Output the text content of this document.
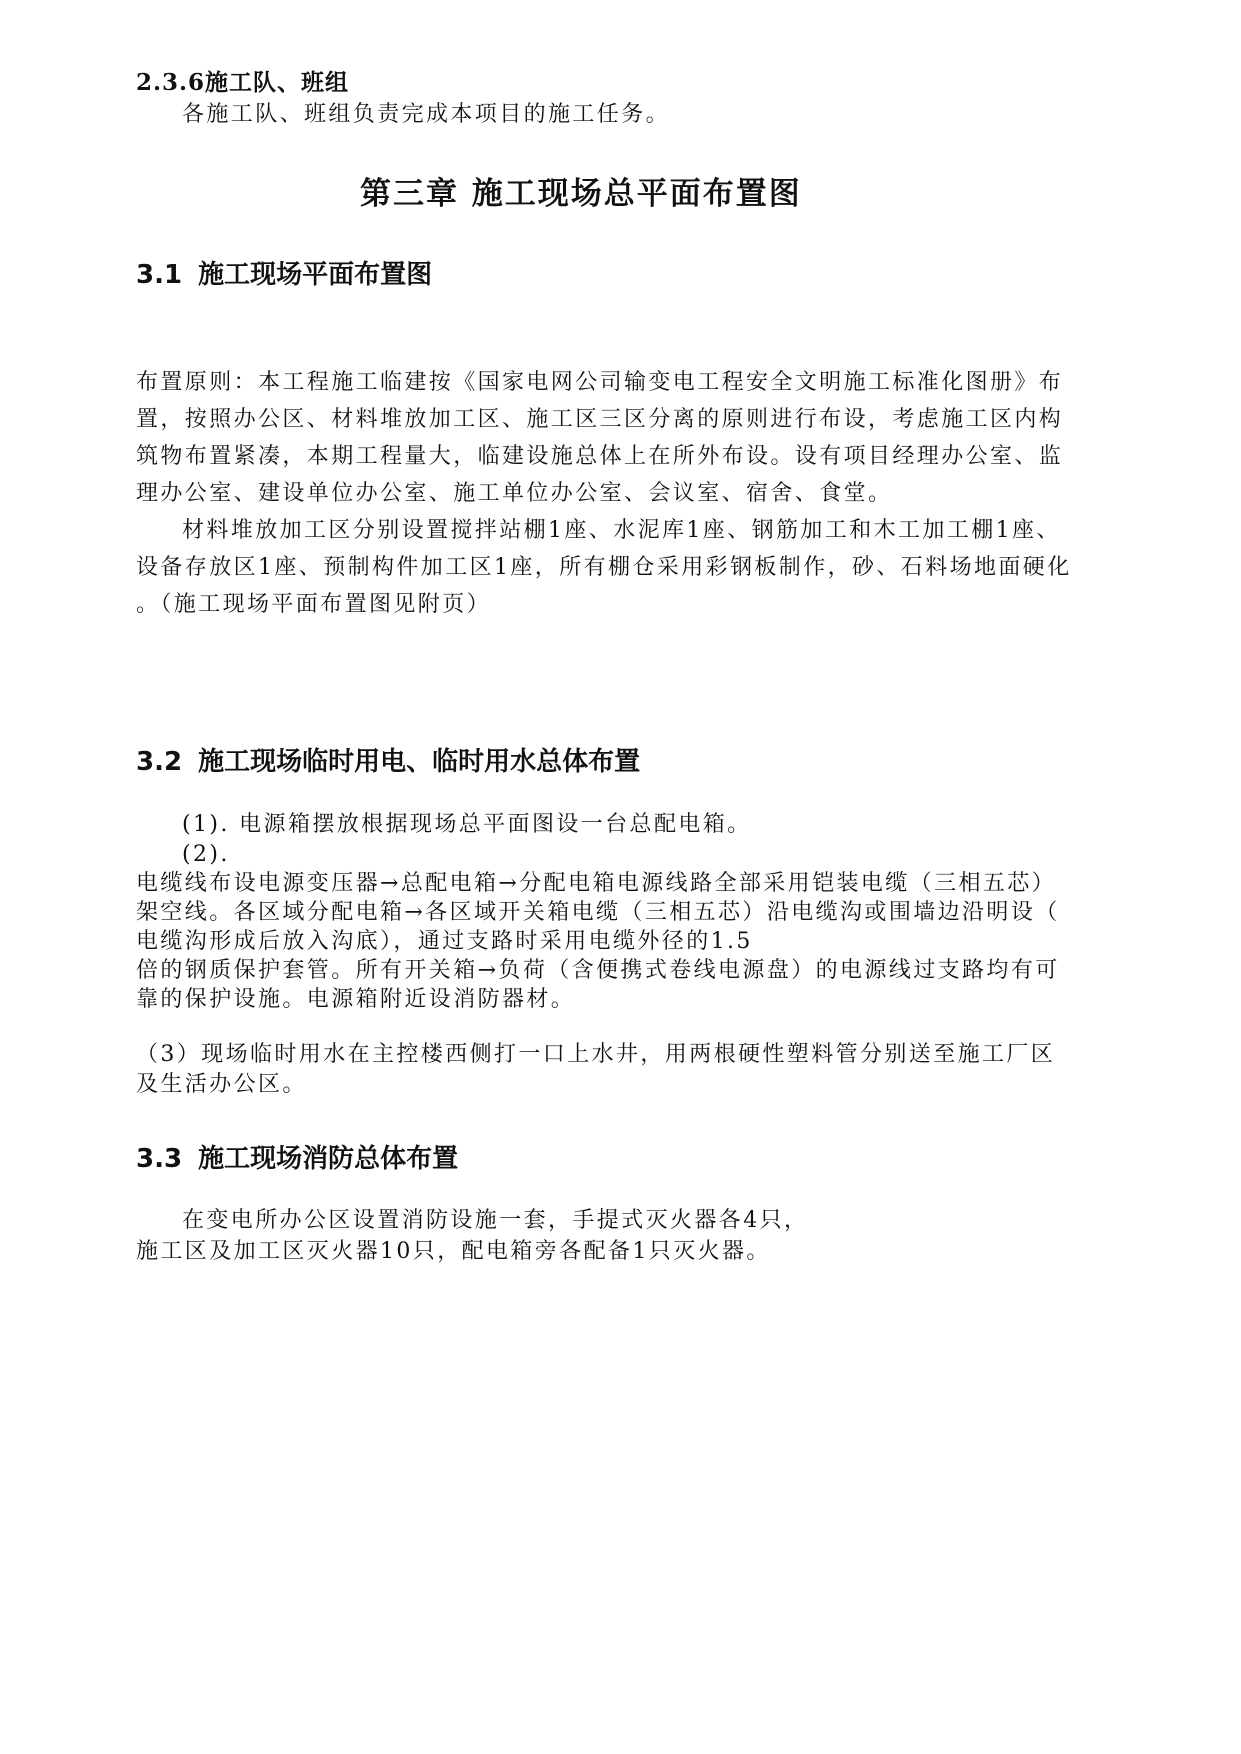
2.3.6施工队、班组
各施工队、班组负责完成本项目的施工任务。
第三章 施工现场总平面布置图
3.1 施工现场平面布置图
布置原则：本工程施工临建按《国家电网公司输变电工程安全文明施工标准化图册》布
置，按照办公区、材料堆放加工区、施工区三区分离的原则进行布设，考虑施工区内构
筑物布置紧凑，本期工程量大，临建设施总体上在所外布设。设有项目经理办公室、监
理办公室、建设单位办公室、施工单位办公室、会议室、宿舍、食堂。
材料堆放加工区分别设置搅拌站棚1座、水泥库1座、钢筋加工和木工加工棚1座、
设备存放区1座、预制构件加工区1座，所有棚仓采用彩钢板制作，砂、石料场地面硬化
。（施工现场平面布置图见附页）
3.2 施工现场临时用电、临时用水总体布置
(1). 电源箱摆放根据现场总平面图设一台总配电箱。
(2).
电缆线布设电源变压器→总配电箱→分配电箱电源线路全部采用铠装电缆（三相五芯）
架空线。各区域分配电箱→各区域开关箱电缆（三相五芯）沿电缆沟或围墙边沿明设（
电缆沟形成后放入沟底），通过支路时采用电缆外径的1.5
倍的钢质保护套管。所有开关箱→负荷（含便携式卷线电源盘）的电源线过支路均有可
靠的保护设施。电源箱附近设消防器材。
（3）现场临时用水在主控楼西侧打一口上水井，用两根硬性塑料管分别送至施工厂区
及生活办公区。
3.3 施工现场消防总体布置
在变电所办公区设置消防设施一套，手提式灭火器各4只，
施工区及加工区灭火器10只，配电箱旁各配备1只灭火器。
